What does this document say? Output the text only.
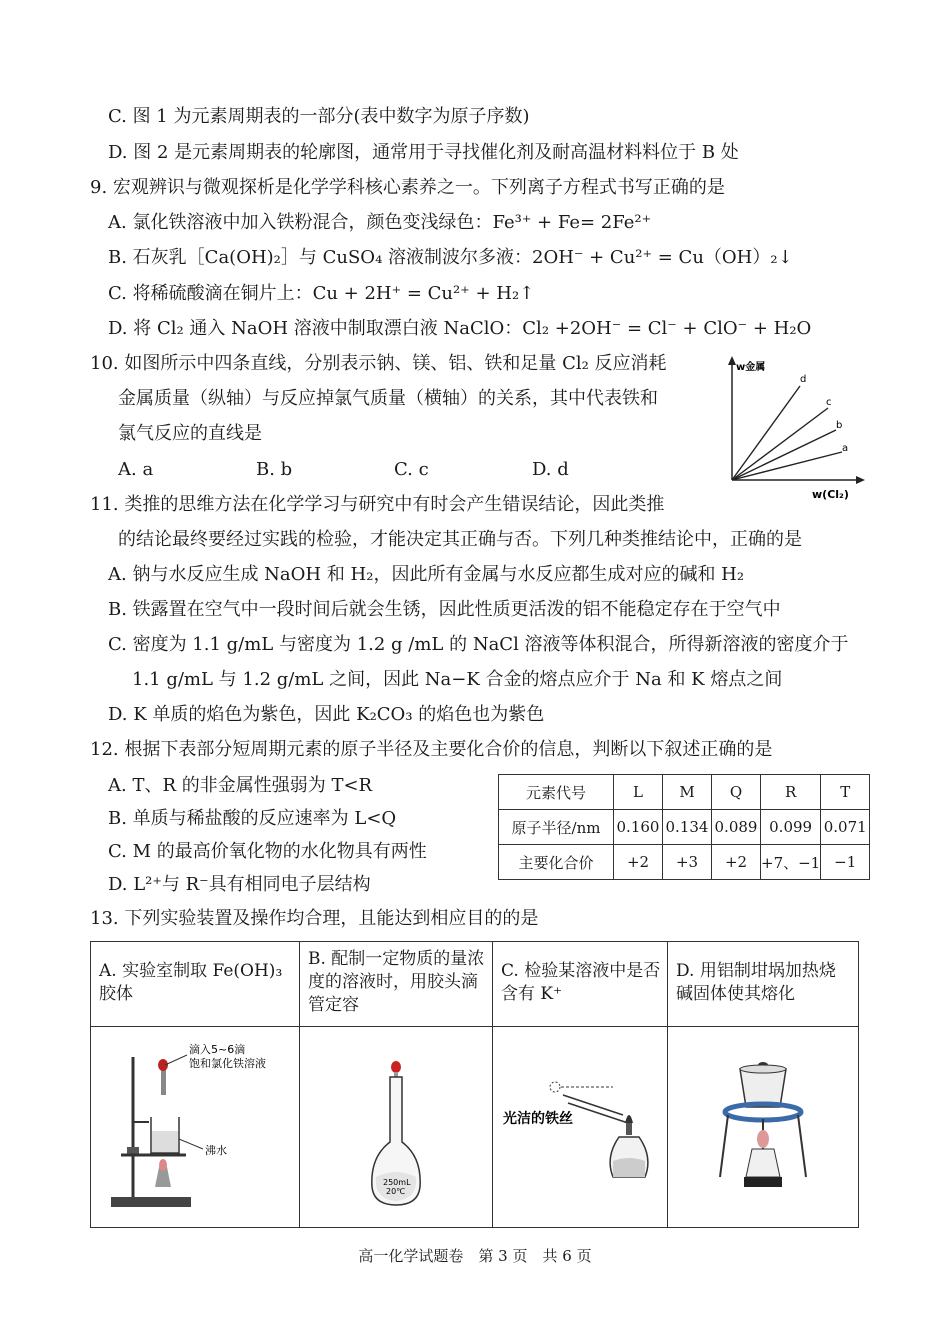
C. 图 1 为元素周期表的一部分(表中数字为原子序数)
D. 图 2 是元素周期表的轮廓图，通常用于寻找催化剂及耐高温材料料位于 B 处
9. 宏观辨识与微观探析是化学学科核心素养之一。下列离子方程式书写正确的是
A. 氯化铁溶液中加入铁粉混合，颜色变浅绿色：Fe³⁺ + Fe= 2Fe²⁺
B. 石灰乳［Ca(OH)₂］与 CuSO₄ 溶液制波尔多液：2OH⁻ + Cu²⁺ = Cu（OH）₂↓
C. 将稀硫酸滴在铜片上：Cu + 2H⁺ = Cu²⁺ + H₂↑
D. 将 Cl₂ 通入 NaOH 溶液中制取漂白液 NaClO：Cl₂ +2OH⁻ = Cl⁻ + ClO⁻ + H₂O
10. 如图所示中四条直线，分别表示钠、镁、铝、铁和足量 Cl₂ 反应消耗
金属质量（纵轴）与反应掉氯气质量（横轴）的关系，其中代表铁和
氯气反应的直线是
A. a	B. b	C. c	D. d
w金属
d
c
b
a
w(Cl₂)
11. 类推的思维方法在化学学习与研究中有时会产生错误结论，因此类推
的结论最终要经过实践的检验，才能决定其正确与否。下列几种类推结论中，正确的是
A. 钠与水反应生成 NaOH 和 H₂，因此所有金属与水反应都生成对应的碱和 H₂
B. 铁露置在空气中一段时间后就会生锈，因此性质更活泼的铝不能稳定存在于空气中
C. 密度为 1.1 g/mL 与密度为 1.2 g /mL 的 NaCl 溶液等体积混合，所得新溶液的密度介于
1.1 g/mL 与 1.2 g/mL 之间，因此 Na−K 合金的熔点应介于 Na 和 K 熔点之间
D. K 单质的焰色为紫色，因此 K₂CO₃ 的焰色也为紫色
12. 根据下表部分短周期元素的原子半径及主要化合价的信息，判断以下叙述正确的是
A. T、R 的非金属性强弱为 T<R
B. 单质与稀盐酸的反应速率为 L<Q
C. M 的最高价氧化物的水化物具有两性
D. L²⁺与 R⁻具有相同电子层结构
元素代号	L	M	Q	R	T
原子半径/nm	0.160	0.134	0.089	0.099	0.071
主要化合价	+2	+3	+2	+7、−1	−1
13. 下列实验装置及操作均合理，且能达到相应目的的是
A. 实验室制取 Fe(OH)₃ 胶体	B. 配制一定物质的量浓度的溶液时，用胶头滴管定容	C. 检验某溶液中是否含有 K⁺	D. 用铝制坩埚加热烧碱固体使其熔化

滴入5~6滴
饱和氯化铁溶液
沸水	250mL
20℃	光洁的铁丝

高一化学试题卷　第 3 页　共 6 页
